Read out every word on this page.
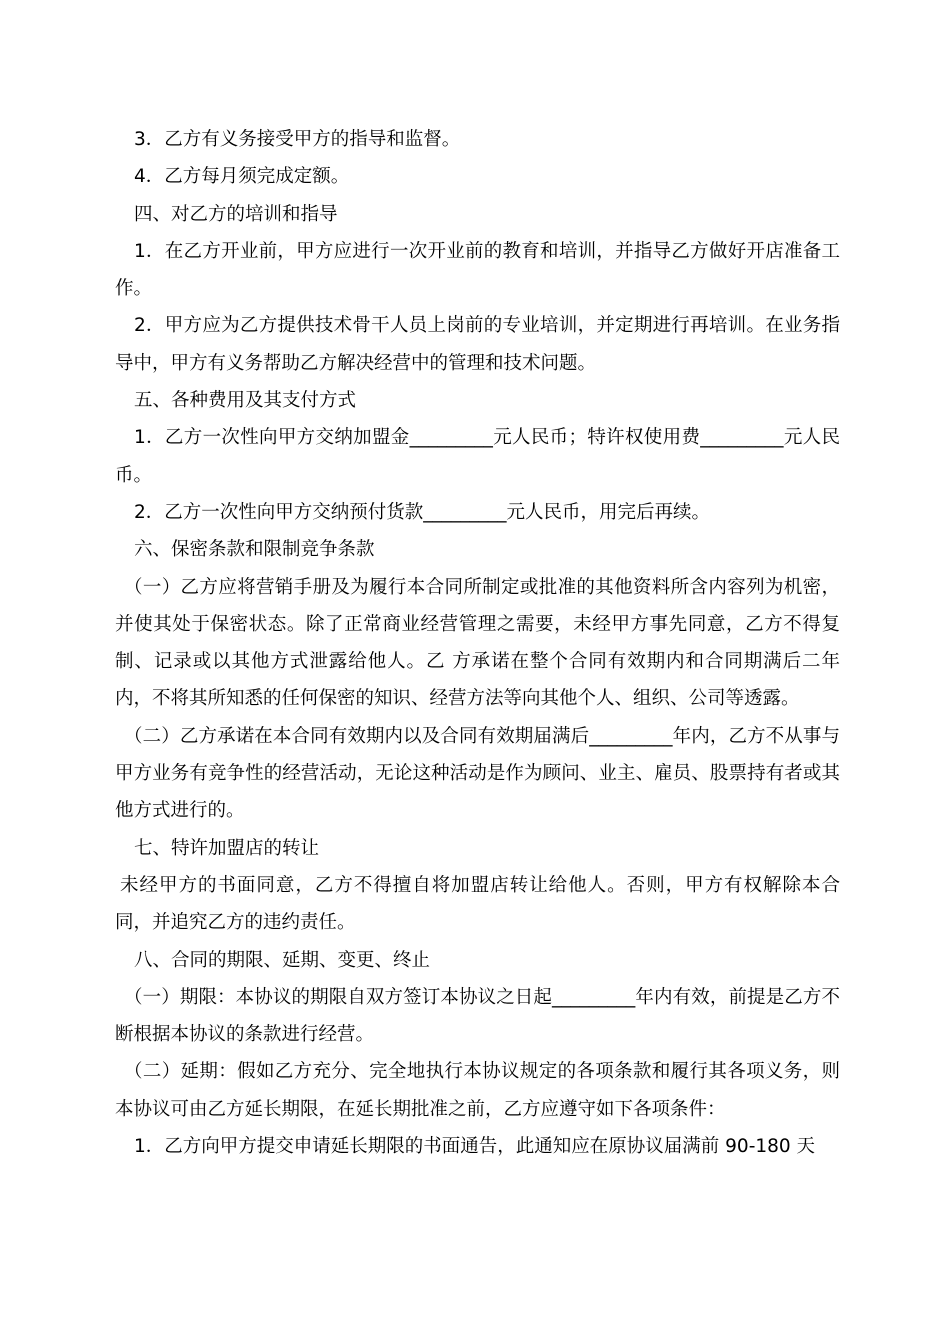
3．乙方有义务接受甲方的指导和监督。

4．乙方每月须完成定额。

四、对乙方的培训和指导

1．在乙方开业前，甲方应进行一次开业前的教育和培训，并指导乙方做好开店准备工作。

2．甲方应为乙方提供技术骨干人员上岗前的专业培训，并定期进行再培训。在业务指导中，甲方有义务帮助乙方解决经营中的管理和技术问题。

五、各种费用及其支付方式

1．乙方一次性向甲方交纳加盟金_________元人民币；特许权使用费_________元人民币。

2．乙方一次性向甲方交纳预付货款_________元人民币，用完后再续。

六、保密条款和限制竞争条款

（一）乙方应将营销手册及为履行本合同所制定或批准的其他资料所含内容列为机密，并使其处于保密状态。除了正常商业经营管理之需要，未经甲方事先同意，乙方不得复制、记录或以其他方式泄露给他人。乙 方承诺在整个合同有效期内和合同期满后二年内，不将其所知悉的任何保密的知识、经营方法等向其他个人、组织、公司等透露。

（二）乙方承诺在本合同有效期内以及合同有效期届满后_________年内，乙方不从事与甲方业务有竞争性的经营活动，无论这种活动是作为顾问、业主、雇员、股票持有者或其他方式进行的。

七、特许加盟店的转让

未经甲方的书面同意，乙方不得擅自将加盟店转让给他人。否则，甲方有权解除本合同，并追究乙方的违约责任。

八、合同的期限、延期、变更、终止

（一）期限：本协议的期限自双方签订本协议之日起_________年内有效，前提是乙方不断根据本协议的条款进行经营。

（二）延期：假如乙方充分、完全地执行本协议规定的各项条款和履行其各项义务，则本协议可由乙方延长期限，在延长期批准之前，乙方应遵守如下各项条件：

1．乙方向甲方提交申请延长期限的书面通告，此通知应在原协议届满前 90-180 天
